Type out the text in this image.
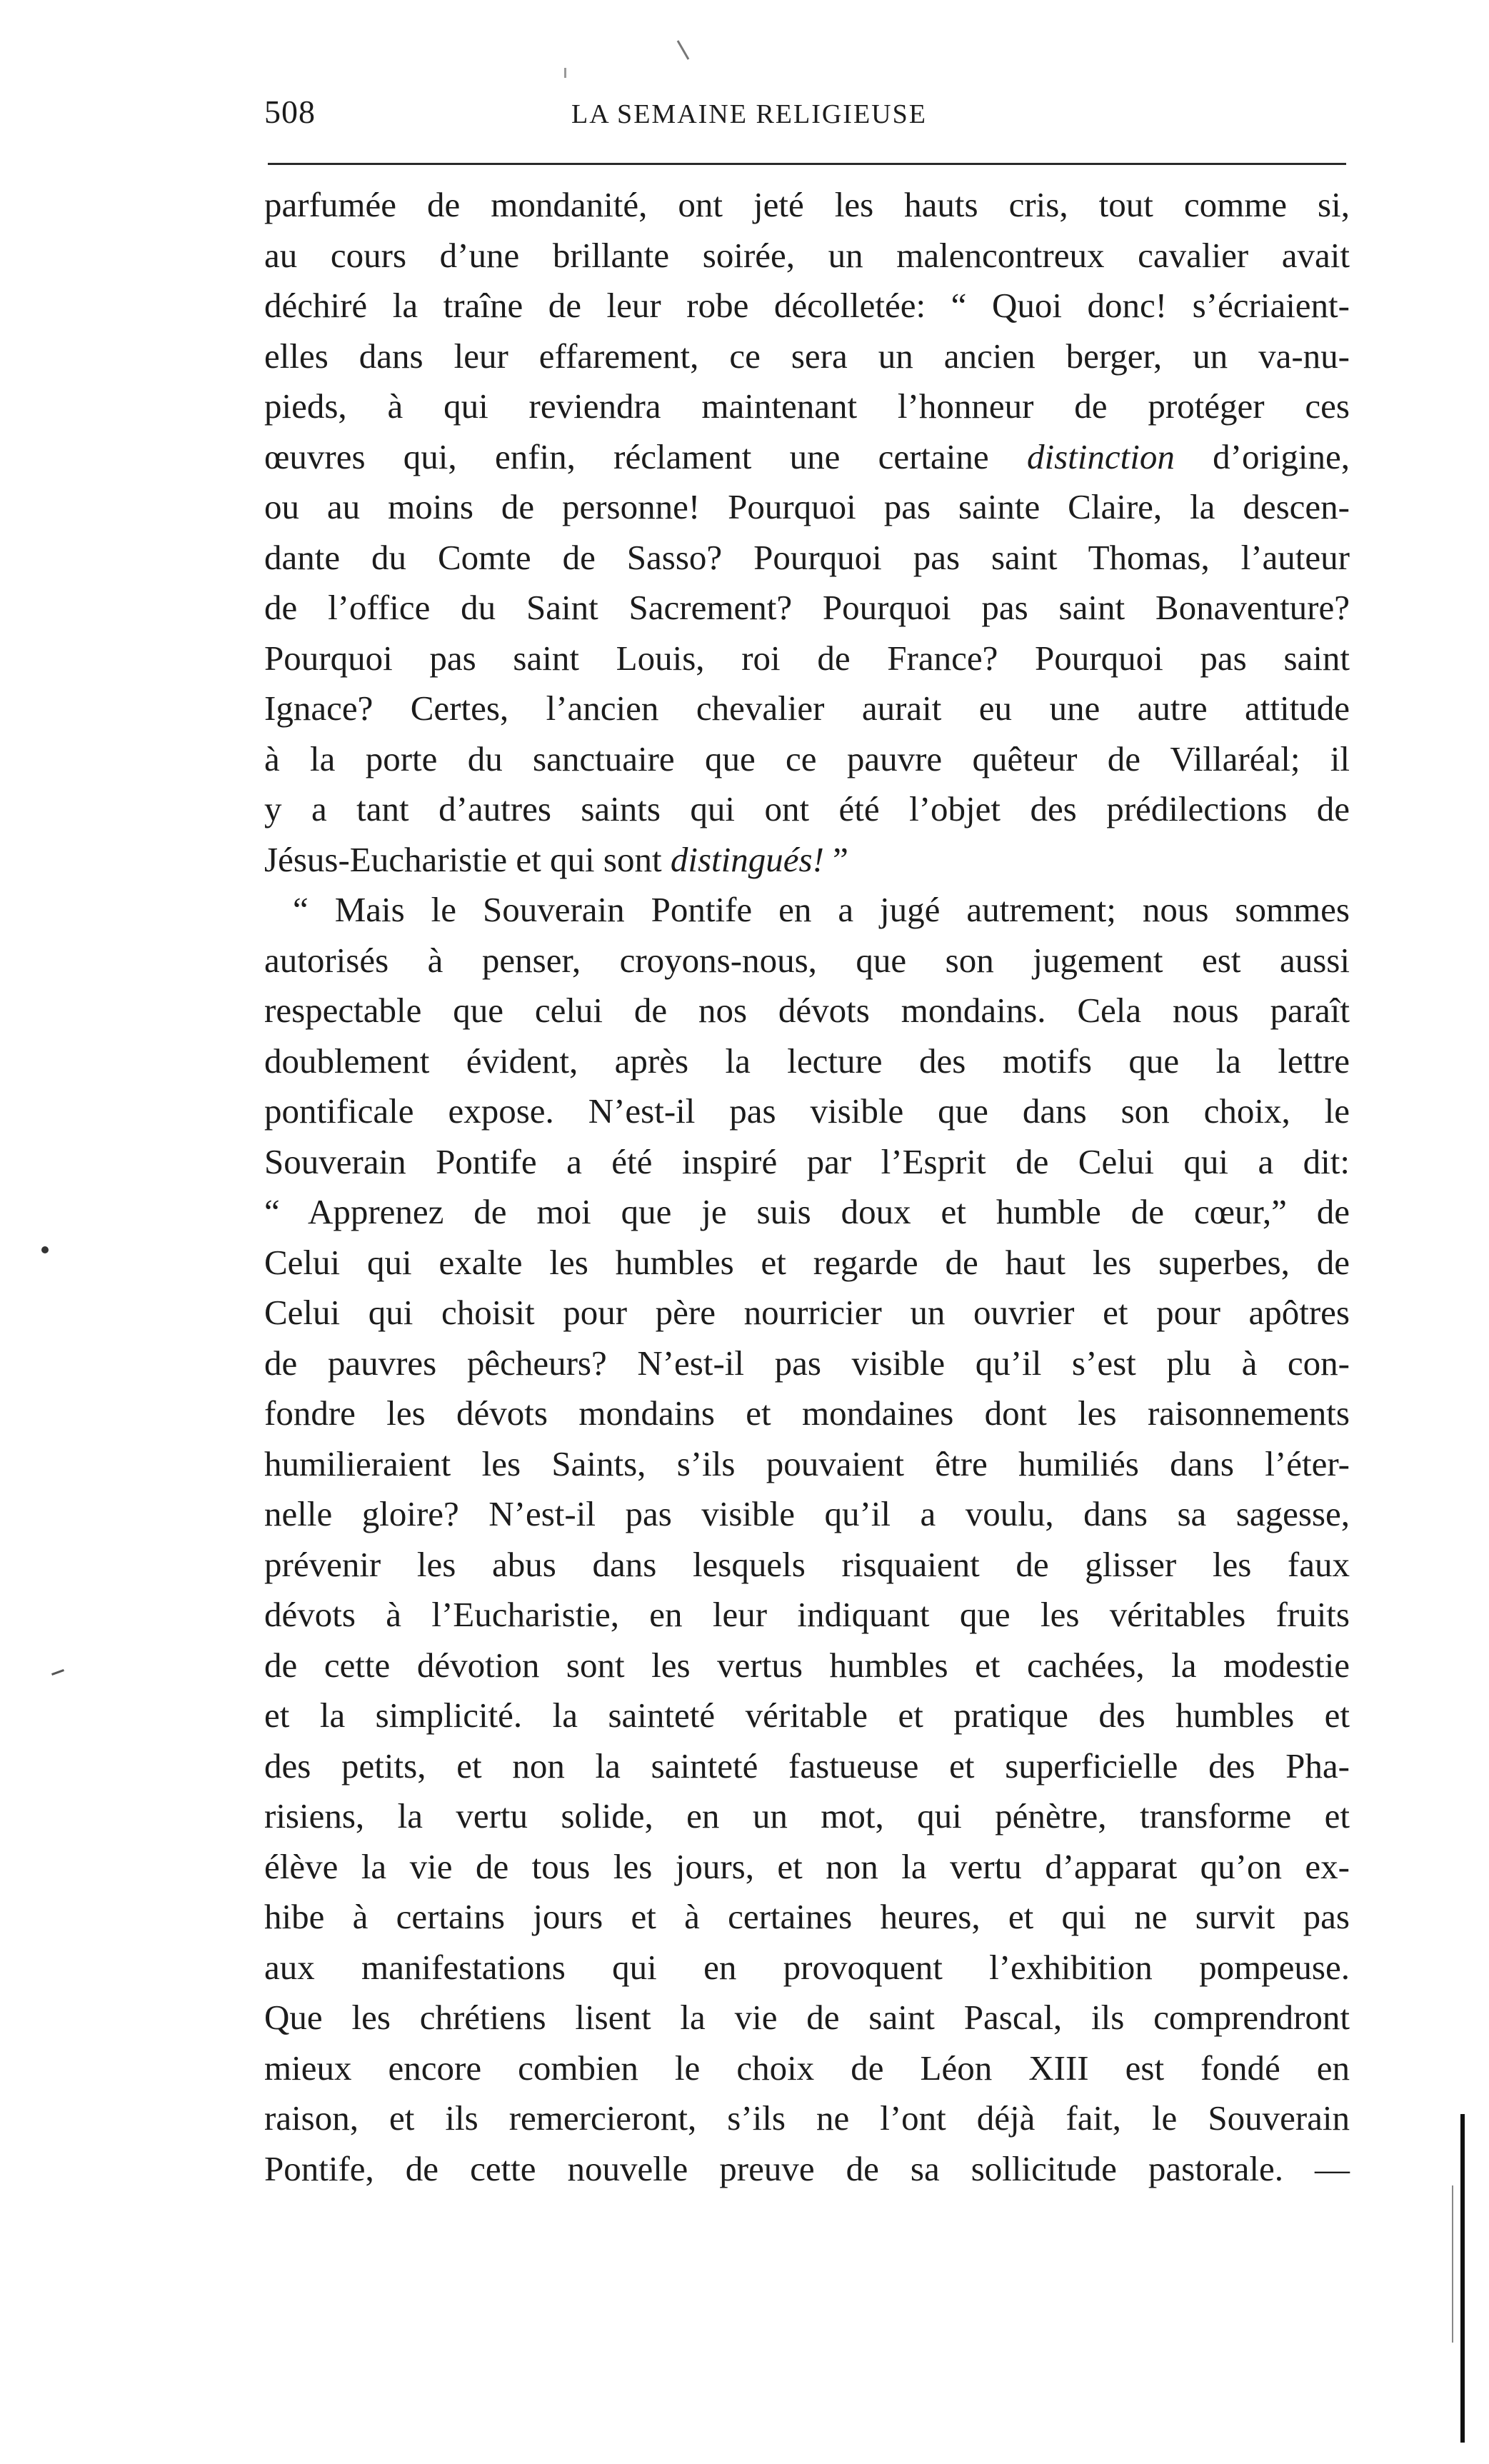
508	LA SEMAINE RELIGIEUSE
parfumée de mondanité, ont jeté les hauts cris, tout comme si,
au cours d’une brillante soirée, un malencontreux cavalier avait
déchiré la traîne de leur robe décolletée: “ Quoi donc! s’écriaient-
elles dans leur effarement, ce sera un ancien berger, un va-nu-
pieds, à qui reviendra maintenant l’honneur de protéger ces
œuvres qui, enfin, réclament une certaine distinction d’origine,
ou au moins de personne! Pourquoi pas sainte Claire, la descen-
dante du Comte de Sasso? Pourquoi pas saint Thomas, l’auteur
de l’office du Saint Sacrement? Pourquoi pas saint Bonaventure?
Pourquoi pas saint Louis, roi de France? Pourquoi pas saint
Ignace? Certes, l’ancien chevalier aurait eu une autre attitude
à la porte du sanctuaire que ce pauvre quêteur de Villaréal; il
y a tant d’autres saints qui ont été l’objet des prédilections de
Jésus-Eucharistie et qui sont distingués! ”
“ Mais le Souverain Pontife en a jugé autrement; nous sommes
autorisés à penser, croyons-nous, que son jugement est aussi
respectable que celui de nos dévots mondains. Cela nous paraît
doublement évident, après la lecture des motifs que la lettre
pontificale expose. N’est-il pas visible que dans son choix, le
Souverain Pontife a été inspiré par l’Esprit de Celui qui a dit:
“ Apprenez de moi que je suis doux et humble de cœur,” de
Celui qui exalte les humbles et regarde de haut les superbes, de
Celui qui choisit pour père nourricier un ouvrier et pour apôtres
de pauvres pêcheurs? N’est-il pas visible qu’il s’est plu à con-
fondre les dévots mondains et mondaines dont les raisonnements
humilieraient les Saints, s’ils pouvaient être humiliés dans l’éter-
nelle gloire? N’est-il pas visible qu’il a voulu, dans sa sagesse,
prévenir les abus dans lesquels risquaient de glisser les faux
dévots à l’Eucharistie, en leur indiquant que les véritables fruits
de cette dévotion sont les vertus humbles et cachées, la modestie
et la simplicité. la sainteté véritable et pratique des humbles et
des petits, et non la sainteté fastueuse et superficielle des Pha-
risiens, la vertu solide, en un mot, qui pénètre, transforme et
élève la vie de tous les jours, et non la vertu d’apparat qu’on ex-
hibe à certains jours et à certaines heures, et qui ne survit pas
aux manifestations qui en provoquent l’exhibition pompeuse.
Que les chrétiens lisent la vie de saint Pascal, ils comprendront
mieux encore combien le choix de Léon XIII est fondé en
raison, et ils remercieront, s’ils ne l’ont déjà fait, le Souverain
Pontife, de cette nouvelle preuve de sa sollicitude pastorale. —
